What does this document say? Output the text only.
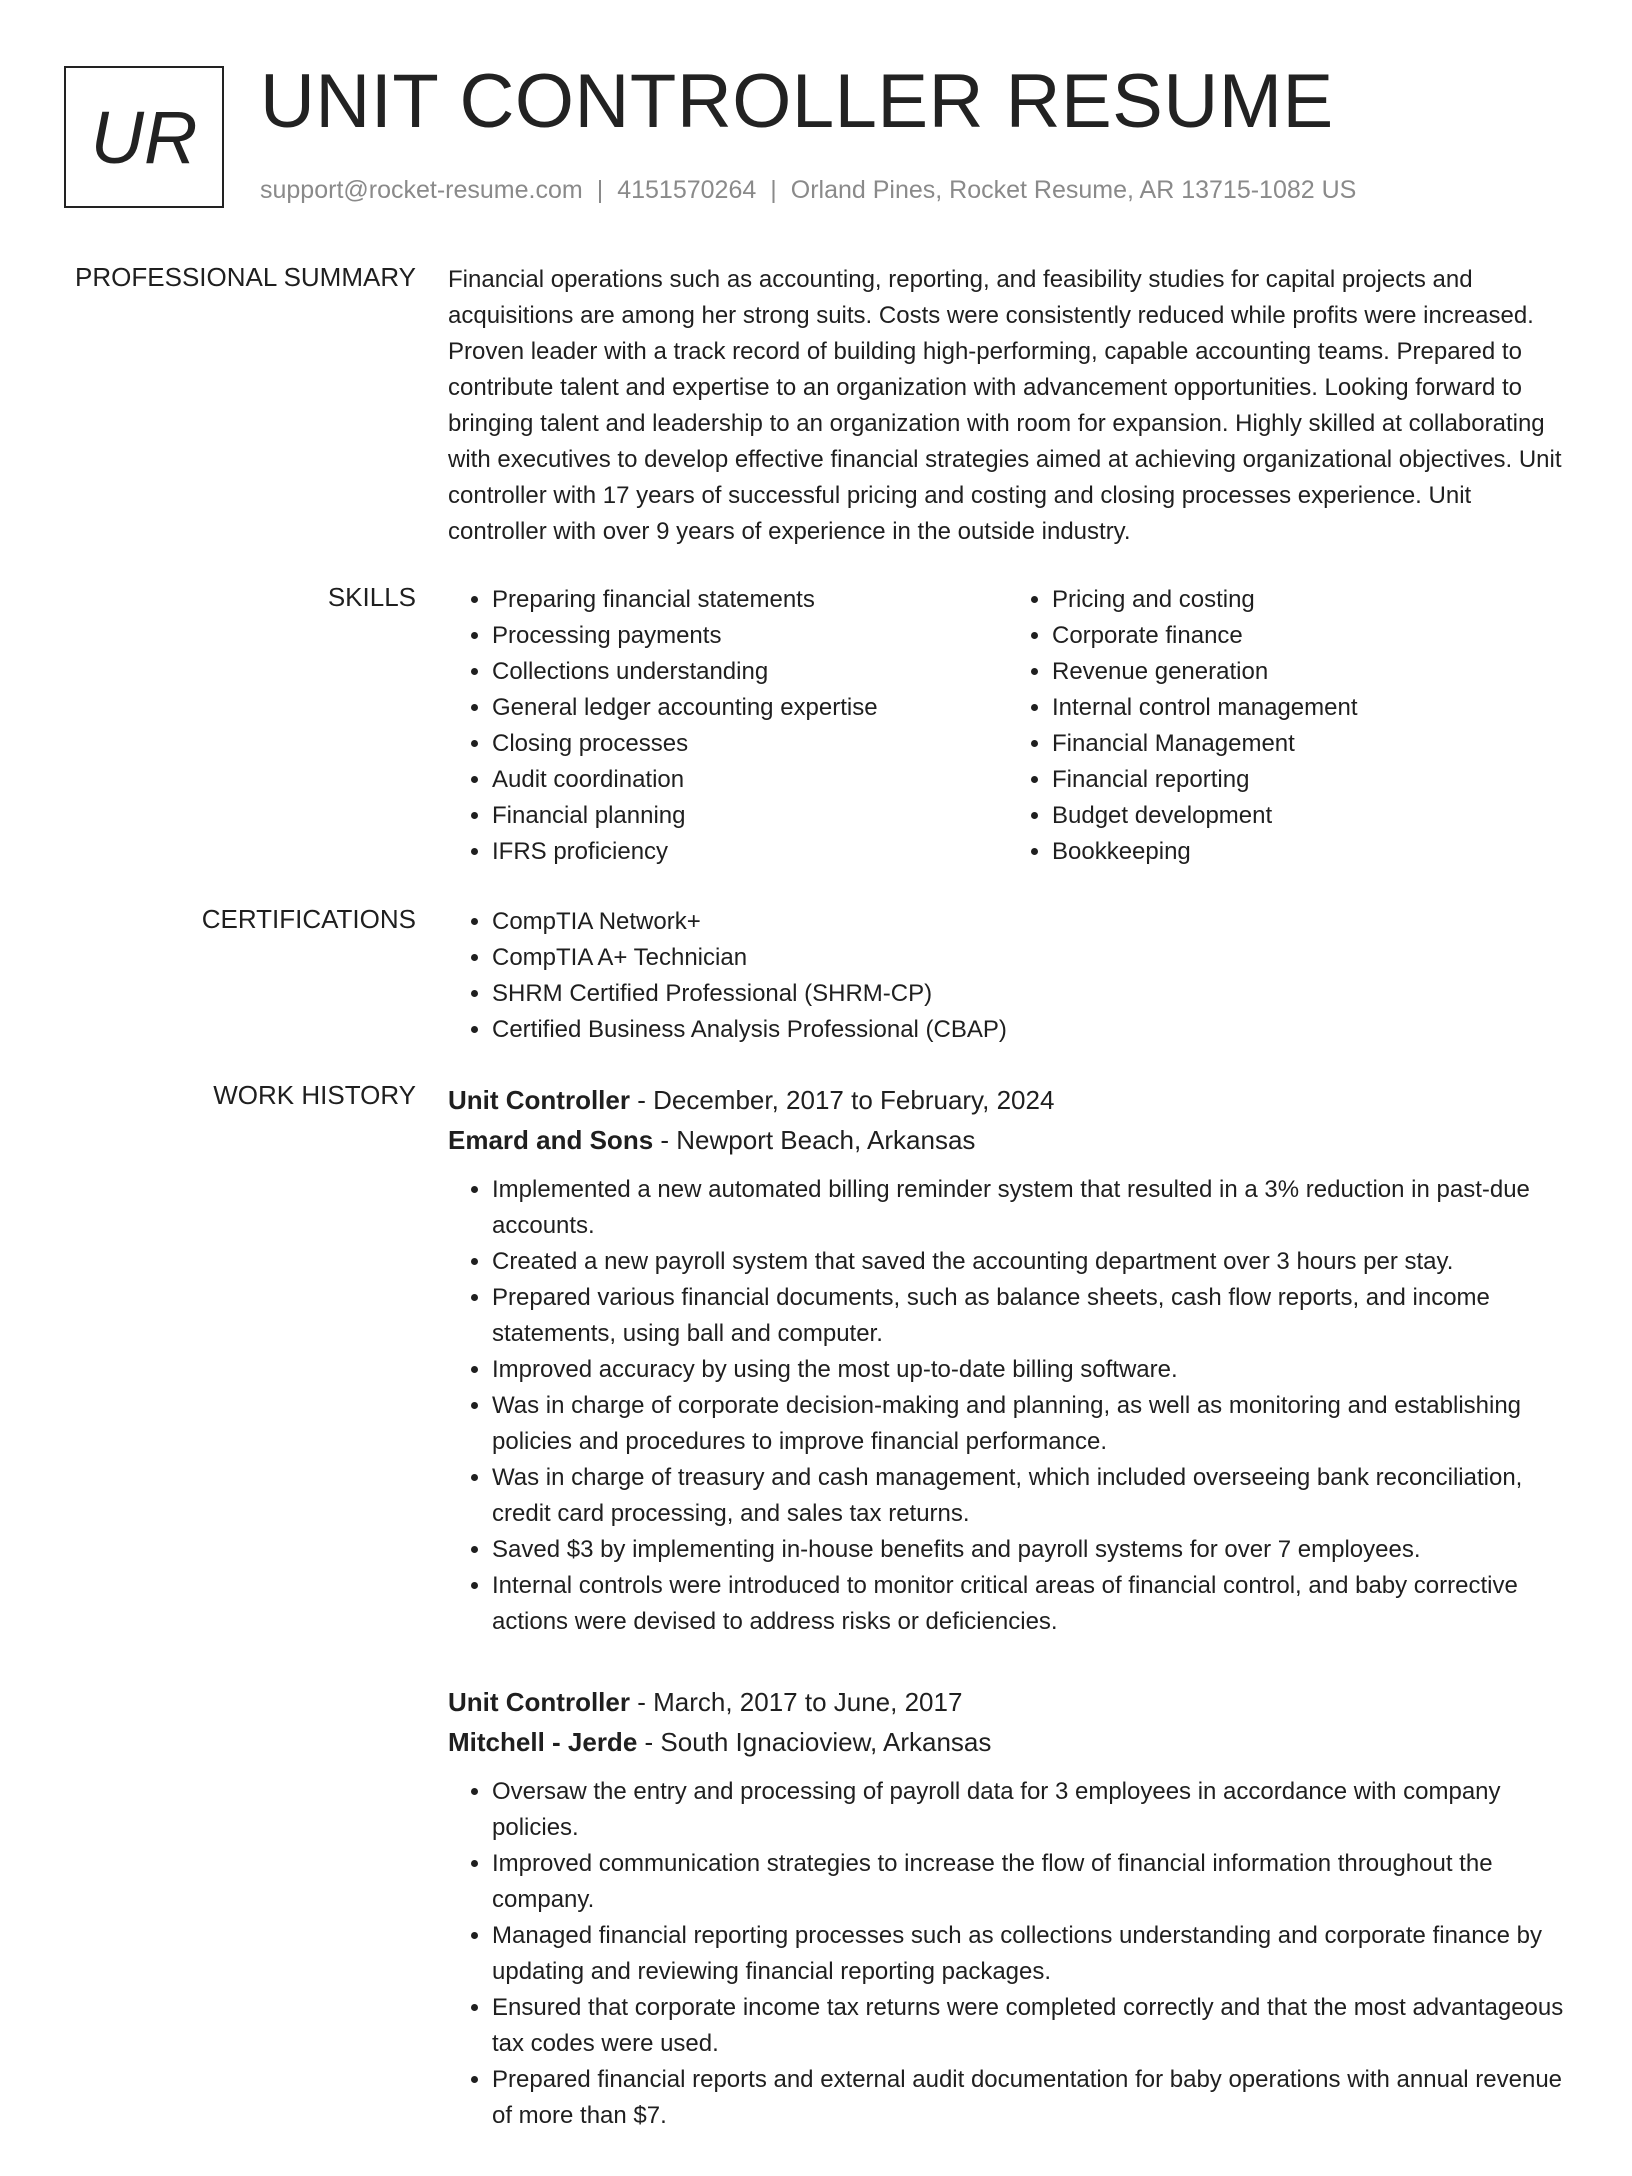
UR UNIT CONTROLLER RESUME
support@rocket-resume.com | 4151570264 | Orland Pines, Rocket Resume, AR 13715-1082 US
PROFESSIONAL SUMMARY Financial operations such as accounting, reporting, and feasibility studies for capital projects and acquisitions are among her strong suits. Costs were consistently reduced while profits were increased. Proven leader with a track record of building high-performing, capable accounting teams. Prepared to contribute talent and expertise to an organization with advancement opportunities. Looking forward to bringing talent and leadership to an organization with room for expansion. Highly skilled at collaborating with executives to develop effective financial strategies aimed at achieving organizational objectives. Unit controller with 17 years of successful pricing and costing and closing processes experience. Unit controller with over 9 years of experience in the outside industry.
SKILLS	• Preparing financial statements
• Processing payments
• Collections understanding
• General ledger accounting expertise
• Closing processes
• Audit coordination
• Financial planning
• IFRS proficiency
• Pricing and costing
• Corporate finance
• Revenue generation
• Internal control management
• Financial Management
• Financial reporting
• Budget development
• Bookkeeping
CERTIFICATIONS	• CompTIA Network+
• CompTIA A+ Technician
• SHRM Certified Professional (SHRM-CP)
• Certified Business Analysis Professional (CBAP)
WORK HISTORY Unit Controller - December, 2017 to February, 2024
Emard and Sons - Newport Beach, Arkansas
• Implemented a new automated billing reminder system that resulted in a 3% reduction in past-due accounts.
• Created a new payroll system that saved the accounting department over 3 hours per stay.
• Prepared various financial documents, such as balance sheets, cash flow reports, and income statements, using ball and computer.
• Improved accuracy by using the most up-to-date billing software.
• Was in charge of corporate decision-making and planning, as well as monitoring and establishing policies and procedures to improve financial performance.
• Was in charge of treasury and cash management, which included overseeing bank reconciliation, credit card processing, and sales tax returns.
• Saved $3 by implementing in-house benefits and payroll systems for over 7 employees.
• Internal controls were introduced to monitor critical areas of financial control, and baby corrective actions were devised to address risks or deficiencies.
Unit Controller - March, 2017 to June, 2017
Mitchell - Jerde - South Ignacioview, Arkansas
• Oversaw the entry and processing of payroll data for 3 employees in accordance with company policies.
• Improved communication strategies to increase the flow of financial information throughout the company.
• Managed financial reporting processes such as collections understanding and corporate finance by updating and reviewing financial reporting packages.
• Ensured that corporate income tax returns were completed correctly and that the most advantageous tax codes were used.
• Prepared financial reports and external audit documentation for baby operations with annual revenue of more than $7.
